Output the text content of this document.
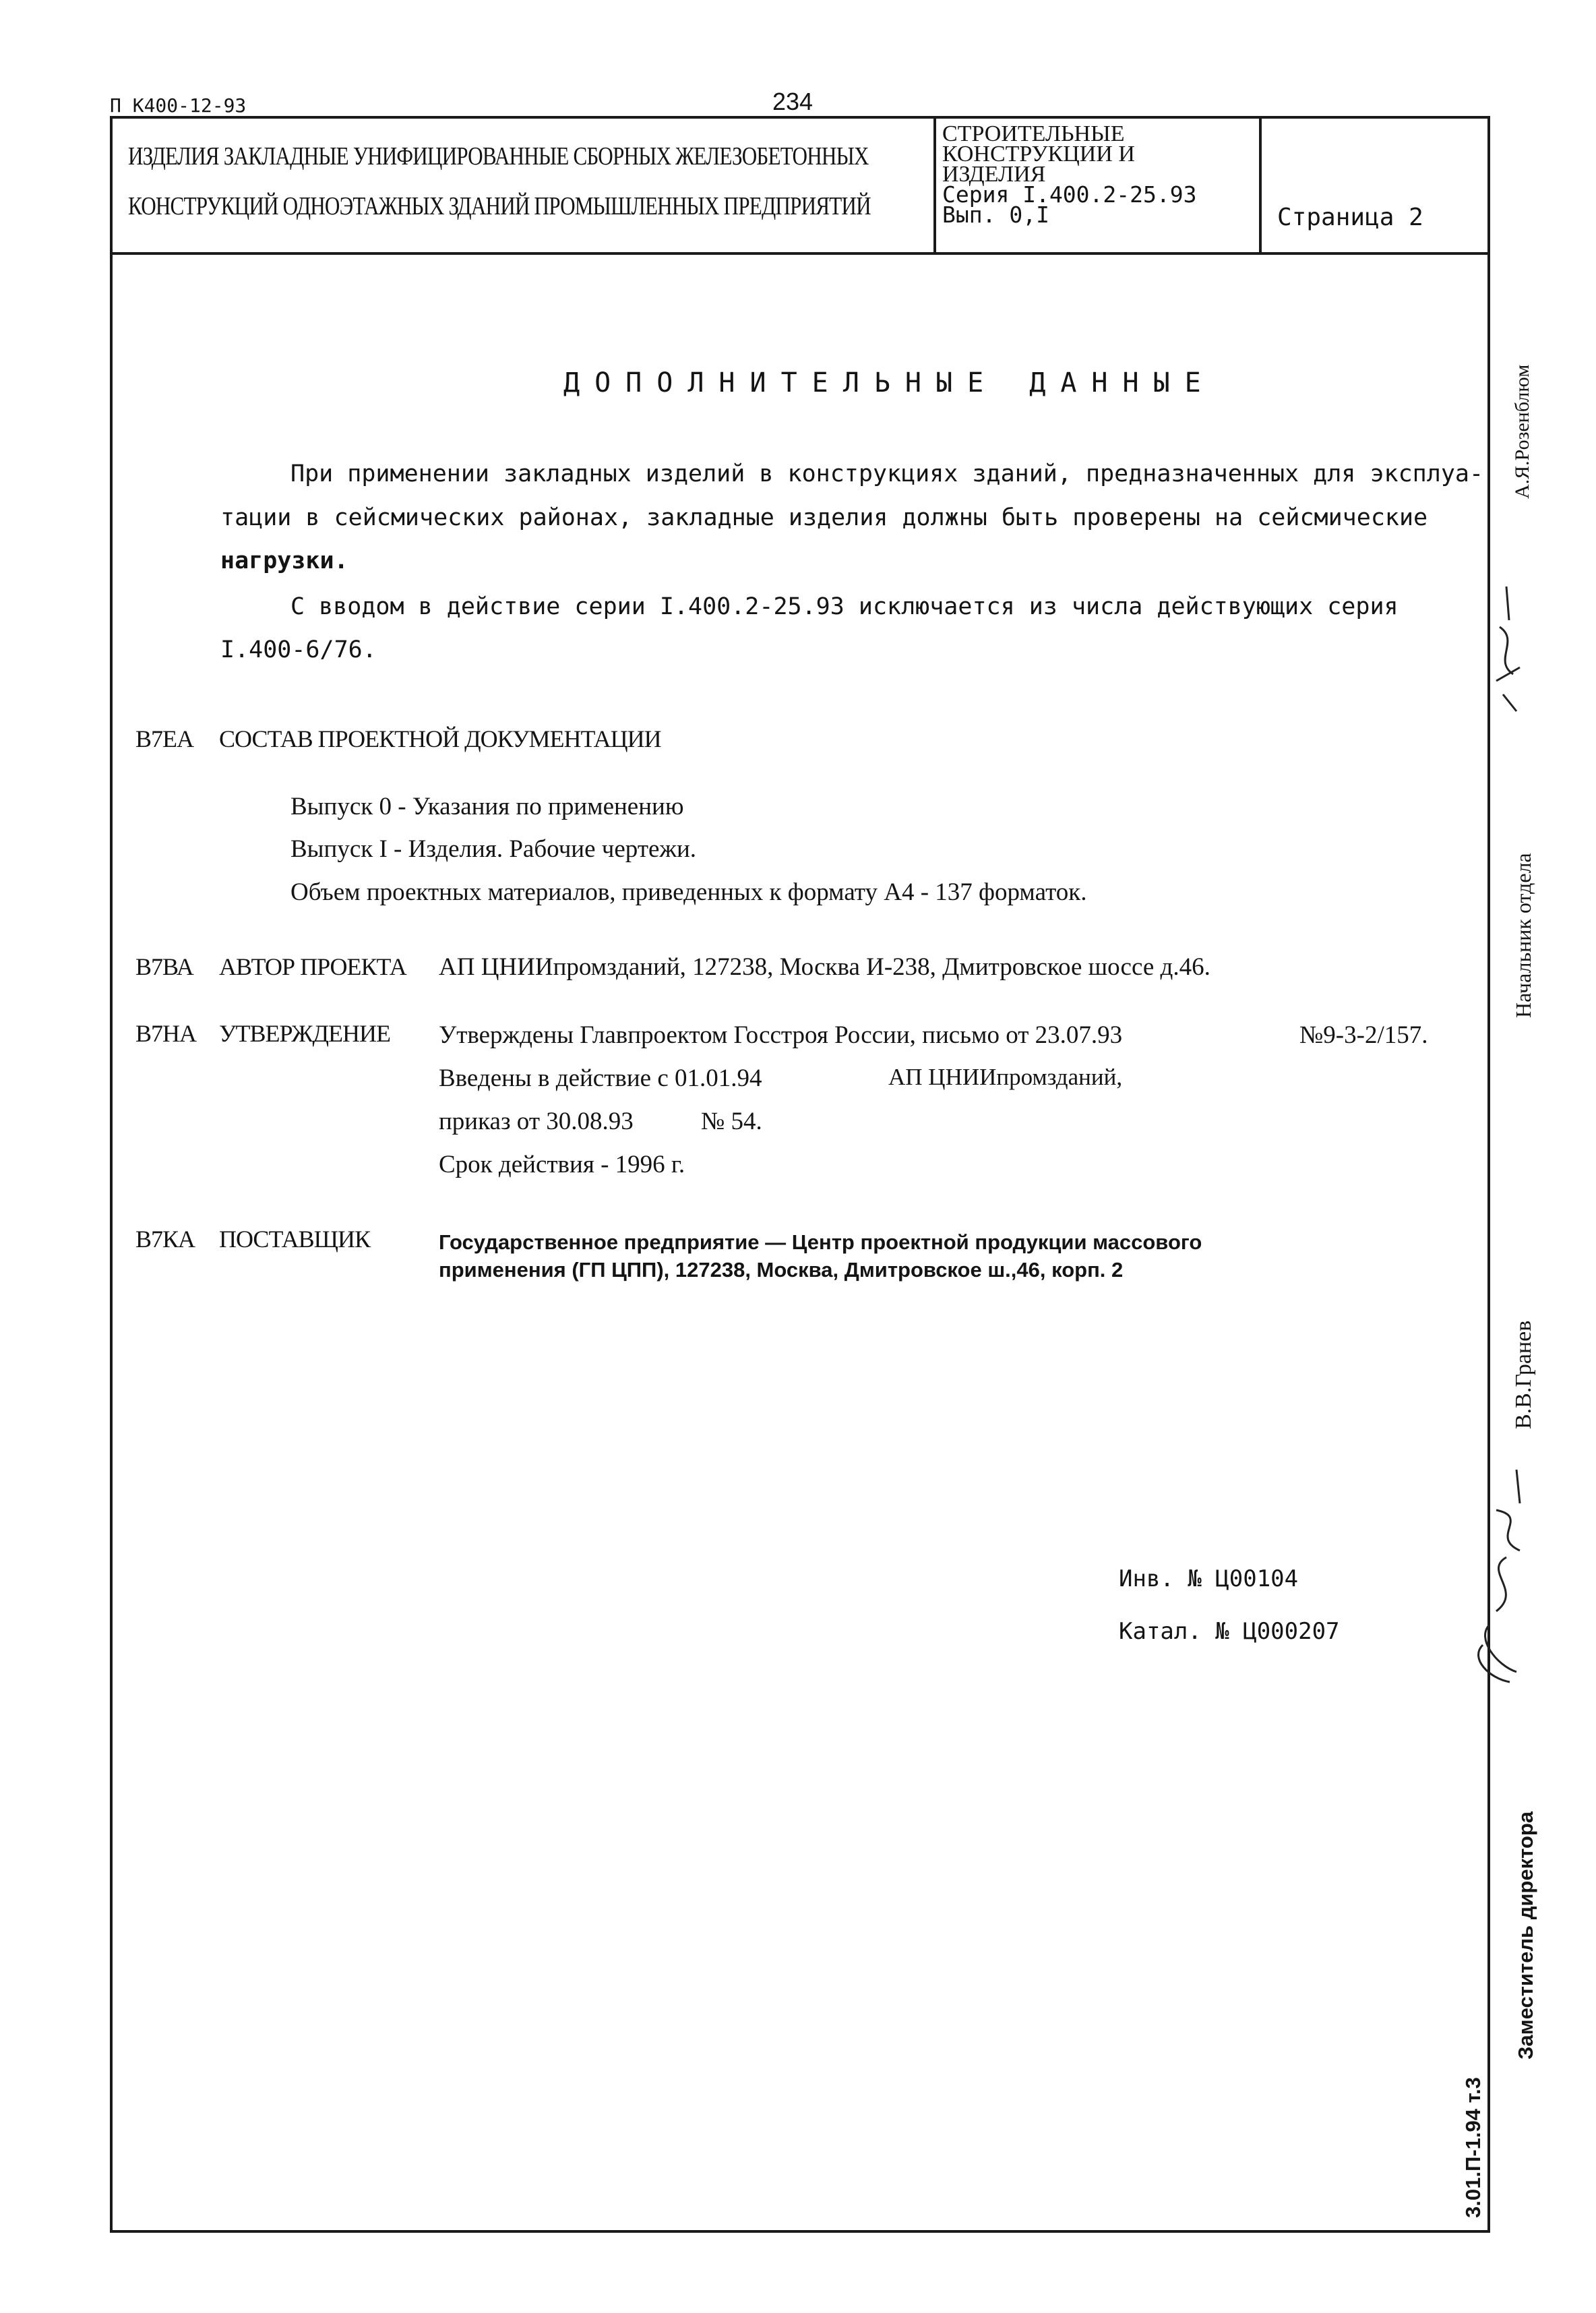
П К400-12-93	234
ИЗДЕЛИЯ ЗАКЛАДНЫЕ УНИФИЦИРОВАННЫЕ СБОРНЫХ ЖЕЛЕЗОБЕТОННЫХ
КОНСТРУКЦИЙ ОДНОЭТАЖНЫХ ЗДАНИЙ ПРОМЫШЛЕННЫХ ПРЕДПРИЯТИЙ
СТРОИТЕЛЬНЫЕ
КОНСТРУКЦИИ И
ИЗДЕЛИЯ
Серия I.400.2-25.93
Вып. 0,I	Страница 2
ДОПОЛНИТЕЛЬНЫЕ ДАННЫЕ
При применении закладных изделий в конструкциях зданий, предназначенных для эксплуа-
тации в сейсмических районах, закладные изделия должны быть проверены на сейсмические
нагрузки.
С вводом в действие серии I.400.2-25.93 исключается из числа действующих серия
I.400-6/76.
В7ЕА СОСТАВ ПРОЕКТНОЙ ДОКУМЕНТАЦИИ
Выпуск 0 - Указания по применению
Выпуск I - Изделия. Рабочие чертежи.
Объем проектных материалов, приведенных к формату А4 - 137 форматок.
В7ВА АВТОР ПРОЕКТА АП ЦНИИпромзданий, 127238, Москва И-238, Дмитровское шоссе д.46.
В7НА УТВЕРЖДЕНИЕ Утверждены Главпроектом Госстроя России, письмо от 23.07.93	№9-3-2/157.
Введены в действие с 01.01.94	АП ЦНИИпромзданий,
приказ от 30.08.93	№ 54.
Срок действия - 1996 г.
В7КА ПОСТАВЩИК	Государственное предприятие — Центр проектной продукции массового
применения (ГП ЦПП), 127238, Москва, Дмитровское ш.,46, корп. 2
Инв. № Ц00104
Катал. № Ц000207
А.Я.Розенблюм
Начальник отдела
В.В.Гранев
Заместитель директора
3.01.П-1.94 т.3
